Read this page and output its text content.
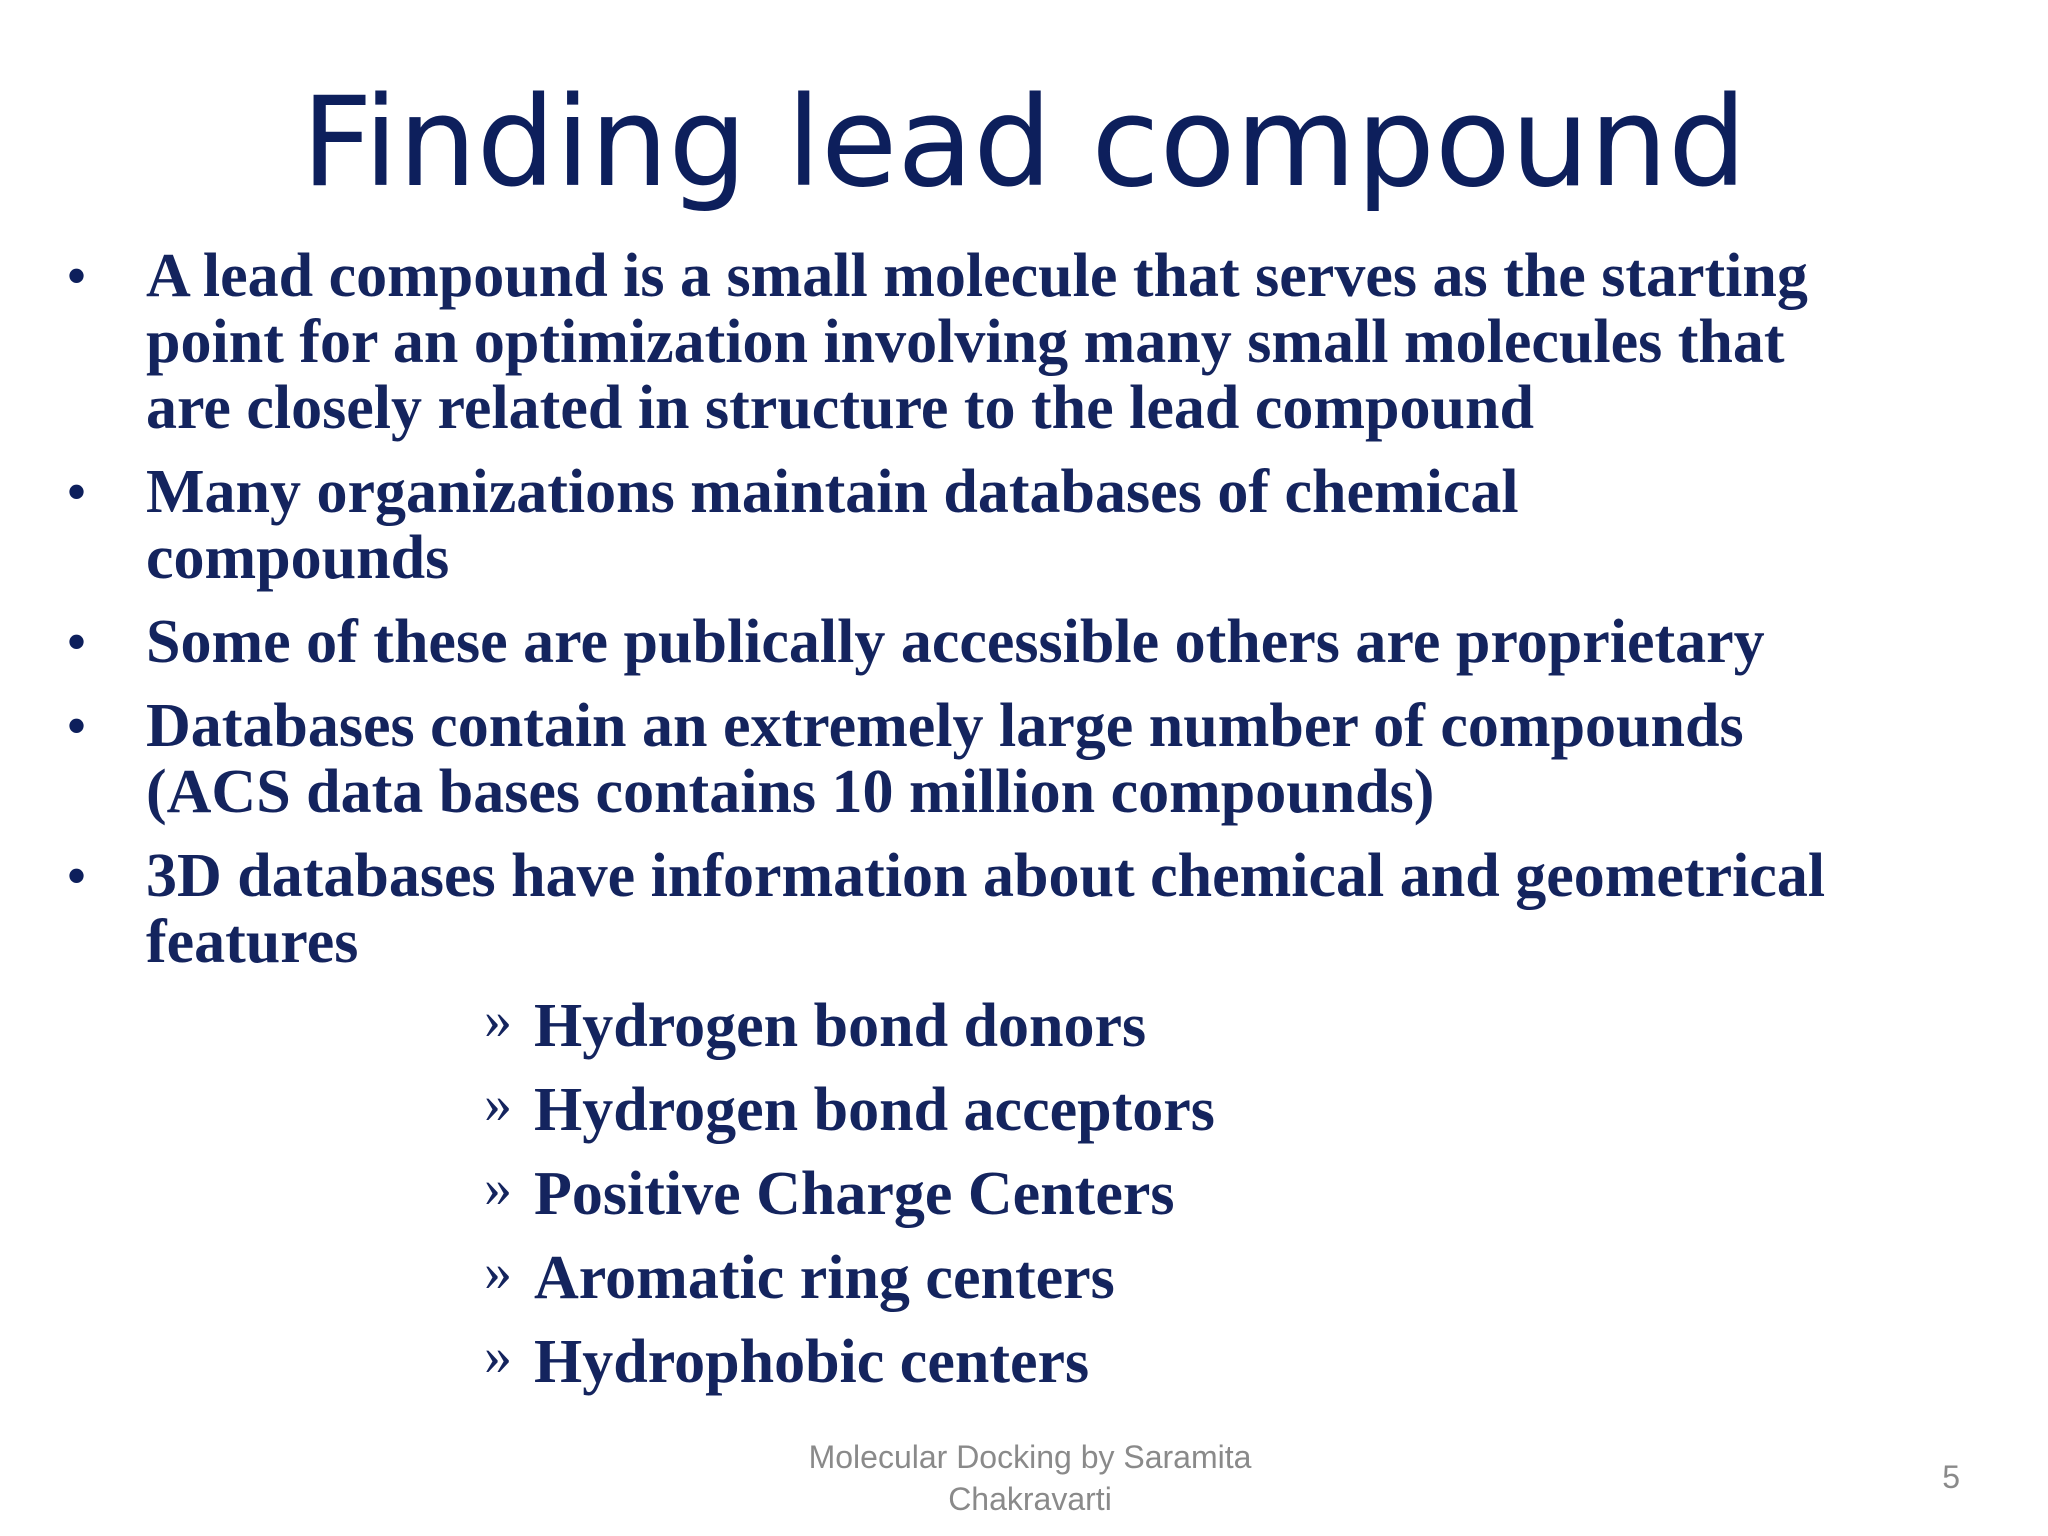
Finding lead compound
• A lead compound is a small molecule that serves as the starting
point for an optimization involving many small molecules that
are closely related in structure to the lead compound
• Many organizations maintain databases of chemical
compounds
• Some of these are publically accessible others are proprietary
• Databases contain an extremely large number of compounds
(ACS data bases contains 10 million compounds)
• 3D databases have information about chemical and geometrical
features
» Hydrogen bond donors
» Hydrogen bond acceptors
» Positive Charge Centers
» Aromatic ring centers
» Hydrophobic centers
Molecular Docking by Saramita
Chakravarti
5
